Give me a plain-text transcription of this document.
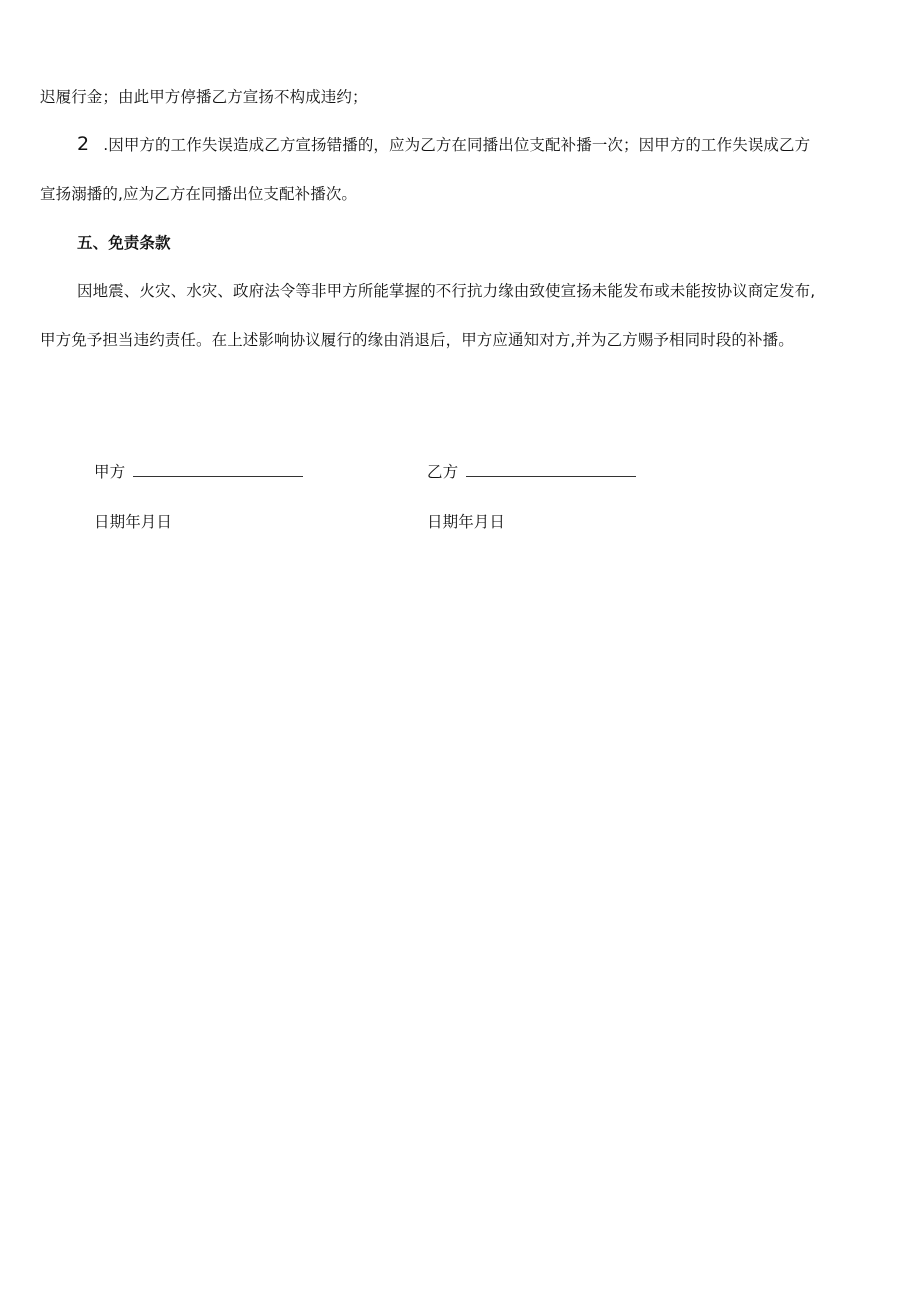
迟履行金；由此甲方停播乙方宣扬不构成违约；
2 .因甲方的工作失误造成乙方宣扬错播的，应为乙方在同播出位支配补播一次；因甲方的工作失误成乙方
宣扬溺播的,应为乙方在同播出位支配补播次。
五、免责条款
因地震、火灾、水灾、政府法令等非甲方所能掌握的不行抗力缘由致使宣扬未能发布或未能按协议商定发布,
甲方免予担当违约责任。在上述影响协议履行的缘由消退后，甲方应通知对方,并为乙方赐予相同时段的补播。
甲方	乙方
日期年月日	日期年月日
